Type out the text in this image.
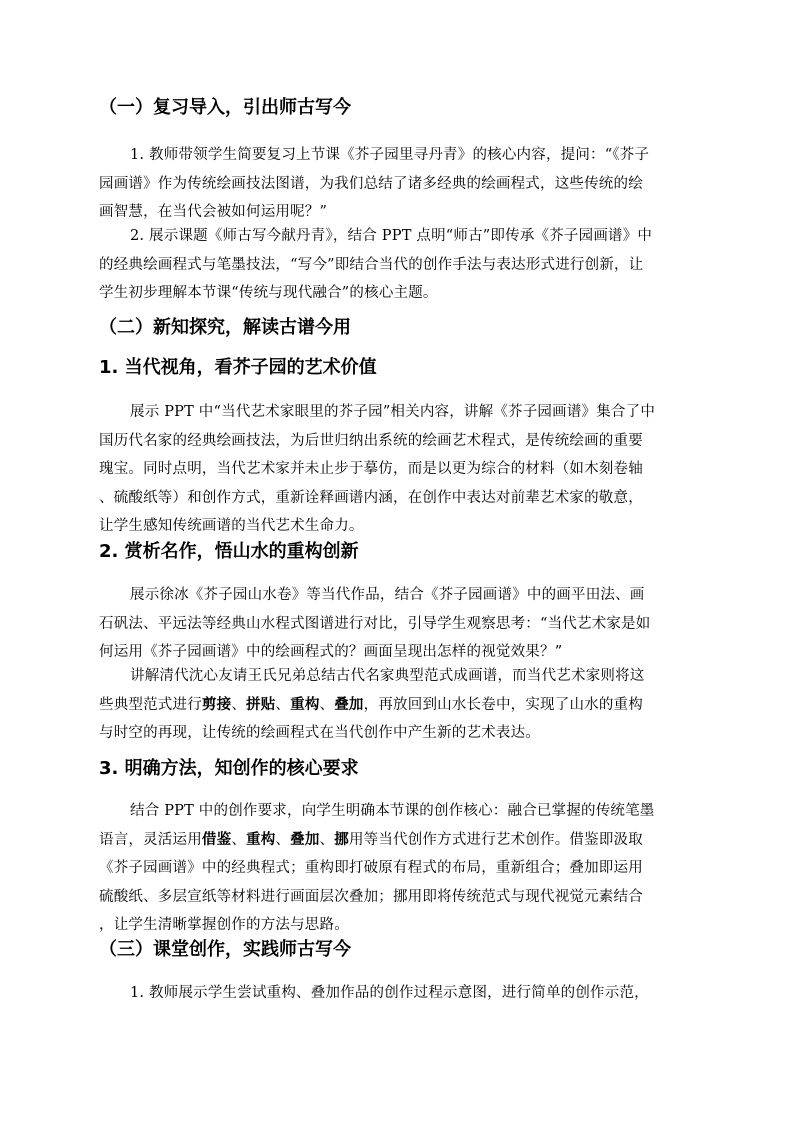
（一）复习导入，引出师古写今
1. 教师带领学生简要复习上节课《芥子园里寻丹青》的核心内容，提问：“《芥子
园画谱》作为传统绘画技法图谱，为我们总结了诸多经典的绘画程式，这些传统的绘
画智慧，在当代会被如何运用呢？”
2. 展示课题《师古写今献丹青》，结合 PPT 点明“师古”即传承《芥子园画谱》中
的经典绘画程式与笔墨技法，“写今”即结合当代的创作手法与表达形式进行创新，让
学生初步理解本节课“传统与现代融合”的核心主题。
（二）新知探究，解读古谱今用
1. 当代视角，看芥子园的艺术价值
展示 PPT 中“当代艺术家眼里的芥子园”相关内容，讲解《芥子园画谱》集合了中
国历代名家的经典绘画技法，为后世归纳出系统的绘画艺术程式，是传统绘画的重要
瑰宝。同时点明，当代艺术家并未止步于摹仿，而是以更为综合的材料（如木刻卷轴
、硫酸纸等）和创作方式，重新诠释画谱内涵，在创作中表达对前辈艺术家的敬意，
让学生感知传统画谱的当代艺术生命力。
2. 赏析名作，悟山水的重构创新
展示徐冰《芥子园山水卷》等当代作品，结合《芥子园画谱》中的画平田法、画
石矾法、平远法等经典山水程式图谱进行对比，引导学生观察思考：“当代艺术家是如
何运用《芥子园画谱》中的绘画程式的？画面呈现出怎样的视觉效果？”
讲解清代沈心友请王氏兄弟总结古代名家典型范式成画谱，而当代艺术家则将这
些典型范式进行剪接、拼贴、重构、叠加，再放回到山水长卷中，实现了山水的重构
与时空的再现，让传统的绘画程式在当代创作中产生新的艺术表达。
3. 明确方法，知创作的核心要求
结合 PPT 中的创作要求，向学生明确本节课的创作核心：融合已掌握的传统笔墨
语言，灵活运用借鉴、重构、叠加、挪用等当代创作方式进行艺术创作。借鉴即汲取
《芥子园画谱》中的经典程式；重构即打破原有程式的布局，重新组合；叠加即运用
硫酸纸、多层宣纸等材料进行画面层次叠加；挪用即将传统范式与现代视觉元素结合
，让学生清晰掌握创作的方法与思路。
（三）课堂创作，实践师古写今
1. 教师展示学生尝试重构、叠加作品的创作过程示意图，进行简单的创作示范，
